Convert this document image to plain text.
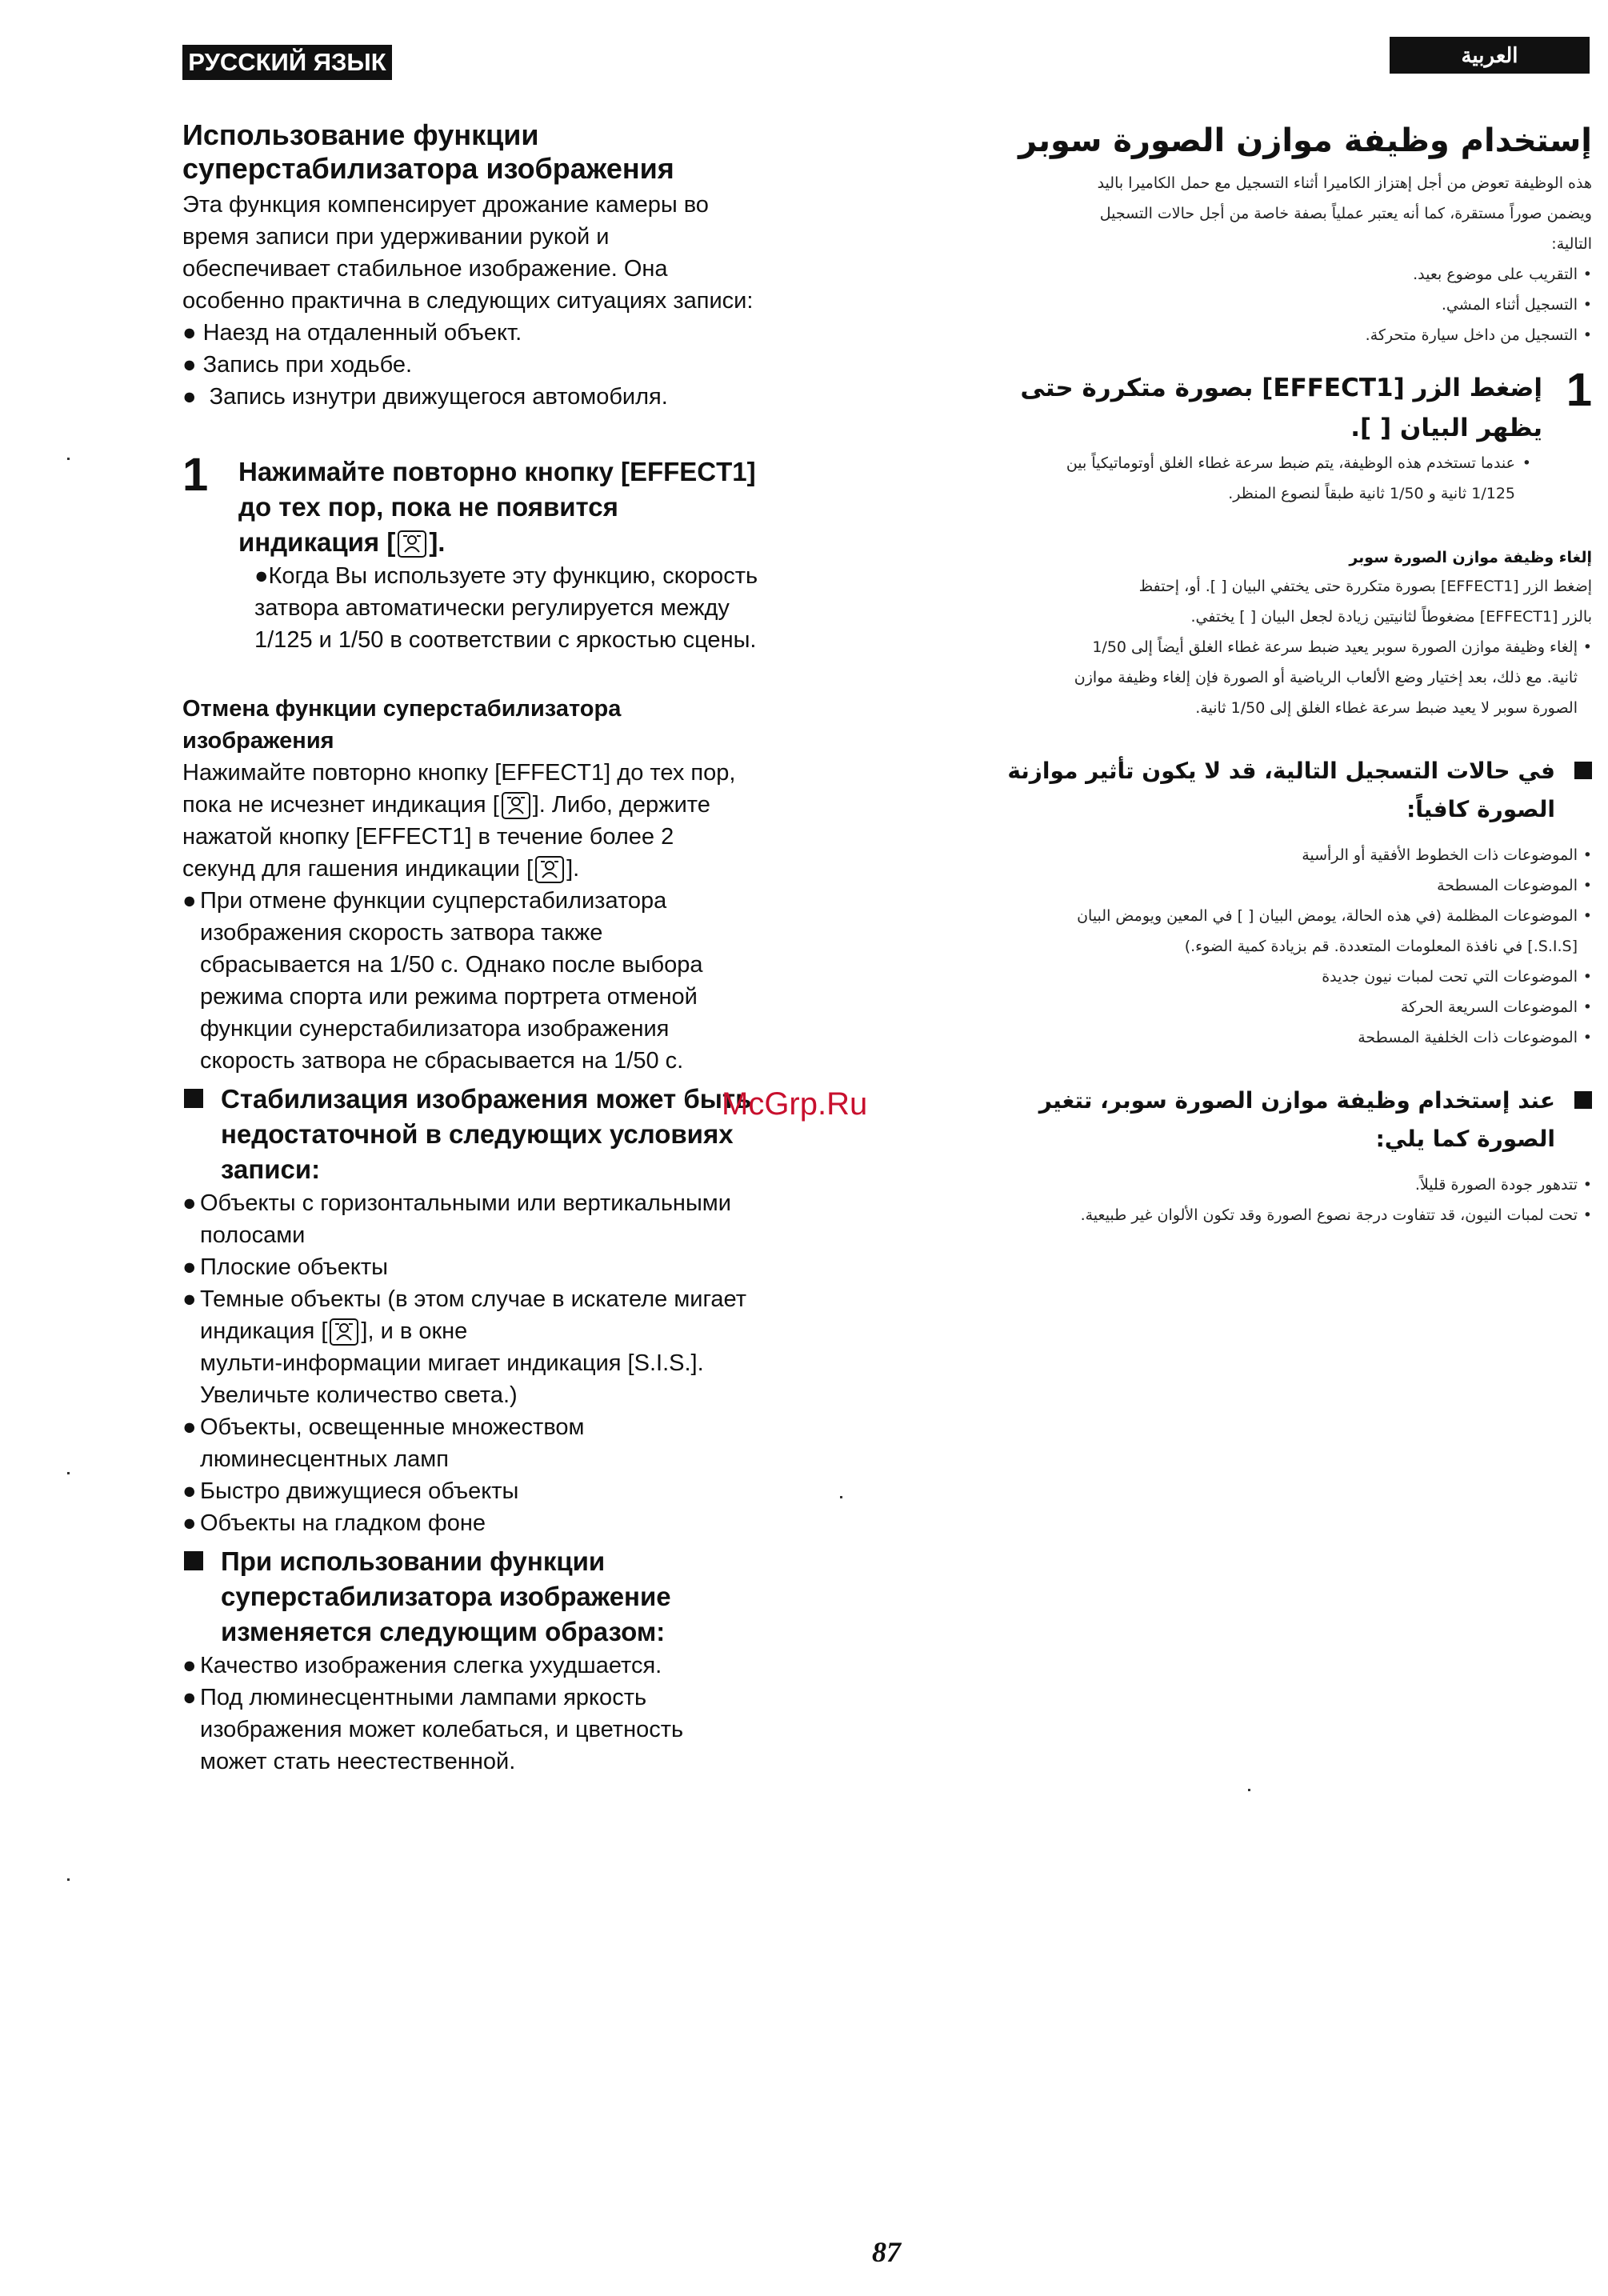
РУССКИЙ ЯЗЫК	العربية
Использование функции
суперстабилизатора изображения

Эта функция компенсирует дрожание камеры во

время записи при удерживании рукой и

обеспечивает стабильное изображение. Она

особенно практична в следующих ситуациях записи:

● Наезд на отдаленный объект.

● Запись при ходьбе.

●  Запись изнутри движущегося автомобиля.

1 Нажимайте повторно кнопку [EFFECT1]
до тех пор, пока не появится
индикация [ ].
●Когда Вы используете эту функцию, скорость
затвора автоматически регулируется между
1/125 и 1/50 в соответствии с яркостью сцены.
Отмена функции суперстабилизатора
изображения

Нажимайте повторно кнопку [EFFECT1] до тех пор,

пока не исчезнет индикация [ ]. Либо, держите

нажатой кнопку [EFFECT1] в течение более 2

секунд для гашения индикации [ ].

● При отмене функции суцперстабилизатора
изображения скорость затвора также
сбрасывается на 1/50 с. Однако после выбора
режима спорта или режима портрета отменой
функции сунерстабилизатора изображения
скорость затвора не сбрасывается на 1/50 с.
Стабилизация изображения может быть
недостаточной в следующих условиях
записи:
● Объекты с горизонтальными или вертикальными
полосами
● Плоские объекты
● Темные объекты (в этом случае в искателе мигает
индикация [ ], и в окне
мульти-информации мигает индикация [S.I.S.].
Увеличьте количество света.)
● Объекты, освещенные множеством
люминесцентных ламп
● Быстро движущиеся объекты
● Объекты на гладком фоне
При использовании функции
суперстабилизатора изображение
изменяется следующим образом:
● Качество изображения слегка ухудшается.
● Под люминесцентными лампами яркость
изображения может колебаться, и цветность
может стать неестественной.
إستخدام وظيفة موازن الصورة سوبر
هذه الوظيفة تعوض من أجل إهتزاز الكاميرا أثناء التسجيل مع حمل الكاميرا باليد
ويضمن صوراً مستقرة، كما أنه يعتبر عملياً بصفة خاصة من أجل حالات التسجيل
التالية:
•
التقريب على موضوع بعيد.
•
التسجيل أثناء المشي.
•
التسجيل من داخل سيارة متحركة.
1
إضغط الزر [EFFECT1] بصورة متكررة حتى
يظهر البيان [ ].
•
عندما تستخدم هذه الوظيفة، يتم ضبط سرعة غطاء الغلق أوتوماتيكياً بين
1/125 ثانية و 1/50 ثانية طبقاً لنصوع المنظر.
إلغاء وظيفة موازن الصورة سوبر
إضغط الزر [EFFECT1] بصورة متكررة حتى يختفي البيان [ ]. أو، إحتفظ
بالزر [EFFECT1] مضغوطاً لثانيتين زيادة لجعل البيان [ ] يختفي.
•
إلغاء وظيفة موازن الصورة سوبر يعيد ضبط سرعة غطاء الغلق أيضاً إلى 1/50
ثانية. مع ذلك، بعد إختيار وضع الألعاب الرياضية أو الصورة فإن إلغاء وظيفة موازن
الصورة سوبر لا يعيد ضبط سرعة غطاء الغلق إلى 1/50 ثانية.
في حالات التسجيل التالية، قد لا يكون تأثير موازنة
الصورة كافياً:
•
الموضوعات ذات الخطوط الأفقية أو الرأسية
•
الموضوعات المسطحة
•
الموضوعات المظلمة (في هذه الحالة، يومض البيان [ ] في المعين ويومض البيان
[S.I.S.] في نافذة المعلومات المتعددة. قم بزيادة كمية الضوء.)
•
الموضوعات التي تحت لمبات نيون جديدة
•
الموضوعات السريعة الحركة
•
الموضوعات ذات الخلفية المسطحة
عند إستخدام وظيفة موازن الصورة سوبر، تتغير
الصورة كما يلي:
•
تتدهور جودة الصورة قليلاً.
•
تحت لمبات النيون، قد تتفاوت درجة نصوع الصورة وقد تكون الألوان غير طبيعية.
McGrp.Ru
87
